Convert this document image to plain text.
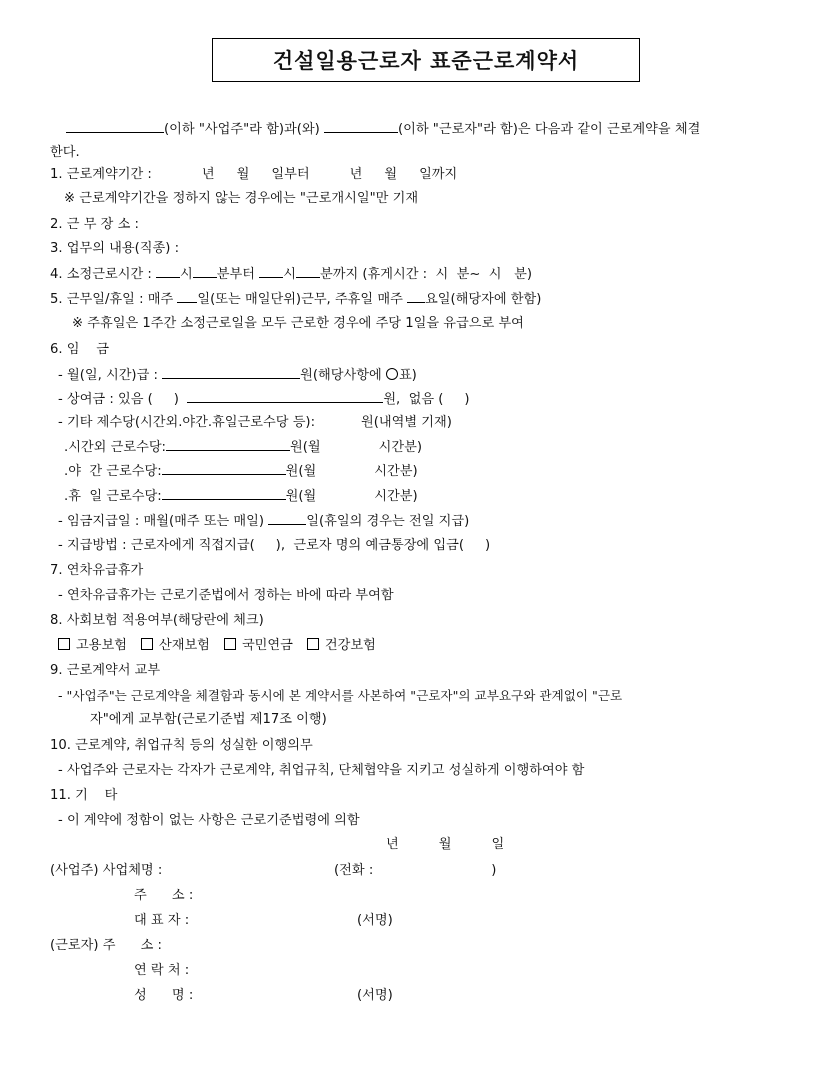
건설일용근로자 표준근로계약서
(이하 "사업주"라 함)과(와)	(이하 "근로자"라 함)은 다음과 같이 근로계약을 체결
한다.
1. 근로계약기간 :	년 월 일부터	년 월 일까지
※ 근로계약기간을 정하지 않는 경우에는 "근로개시일"만 기재
2. 근 무 장 소 :
3. 업무의 내용(직종) :
4. 소정근로시간 : 시 분부터 시 분까지 (휴게시간 :  시  분~  시   분)
5. 근무일/휴일 : 매주 일(또는 매일단위)근무, 주휴일 매주 요일(해당자에 한함)
※ 주휴일은 1주간 소정근로일을 모두 근로한 경우에 주당 1일을 유급으로 부여
6. 임    금
- 월(일, 시간)급 :	원(해당사항에 ○표)
- 상여금 : 있음 (     )	원,  없음 (     )
- 기타 제수당(시간외.야간.휴일근로수당 등):	원(내역별 기재)
.시간외 근로수당:	원(월	시간분)
.야  간 근로수당:	원(월	시간분)
.휴  일 근로수당:	원(월	시간분)
- 임금지급일 : 매월(매주 또는 매일)	일(휴일의 경우는 전일 지급)
- 지급방법 : 근로자에게 직접지급(     ),  근로자 명의 예금통장에 입금(     )
7. 연차유급휴가
- 연차유급휴가는 근로기준법에서 정하는 바에 따라 부여함
8. 사회보험 적용여부(해당란에 체크)
고용보험 산재보험 국민연금 건강보험
9. 근로계약서 교부
- "사업주"는 근로계약을 체결함과 동시에 본 계약서를 사본하여 "근로자"의 교부요구와 관계없이 "근로
자"에게 교부함(근로기준법 제17조 이행)
10. 근로계약, 취업규칙 등의 성실한 이행의무
- 사업주와 근로자는 각자가 근로계약, 취업규칙, 단체협약을 지키고 성실하게 이행하여야 함
11. 기    타
- 이 계약에 정함이 없는 사항은 근로기준법령에 의함
년	월	일
(사업주) 사업체명 :	(전화 :	)
주      소 :
대 표 자 :	(서명)
(근로자) 주      소 :
연 락 처 :
성      명 :	(서명)
